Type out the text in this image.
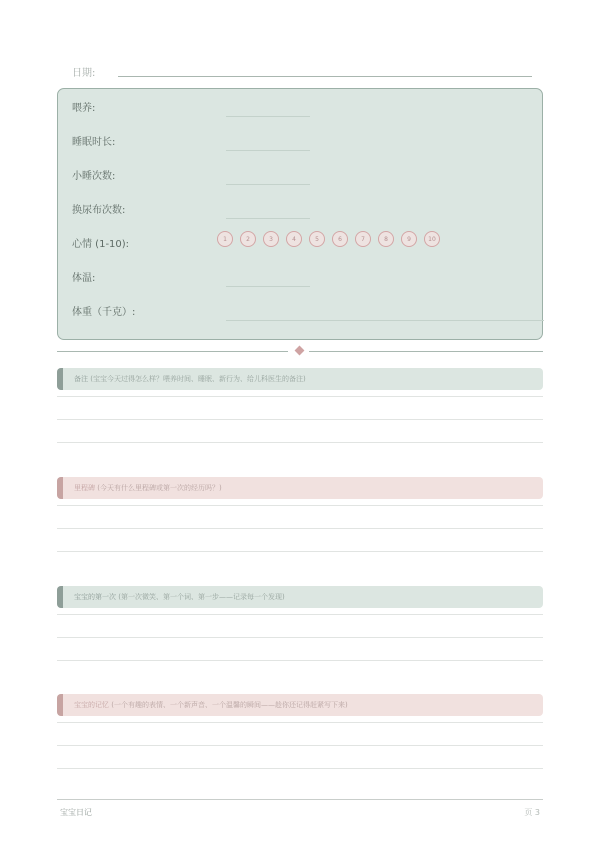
日期:
喂养:
睡眠时长:
小睡次数:
换尿布次数:
心情 (1-10):	1	2	3	4	5	6	7	8	9	10
体温:
体重（千克）:
备注 (宝宝今天过得怎么样？喂养时间、睡眠、新行为、给儿科医生的备注)
里程碑 (今天有什么里程碑或第一次的经历吗？)
宝宝的第一次 (第一次微笑、第一个词、第一步——记录每一个发现)
宝宝的记忆 (一个有趣的表情、一个新声音、一个温馨的瞬间——趁你还记得赶紧写下来)
宝宝日记	页 3
